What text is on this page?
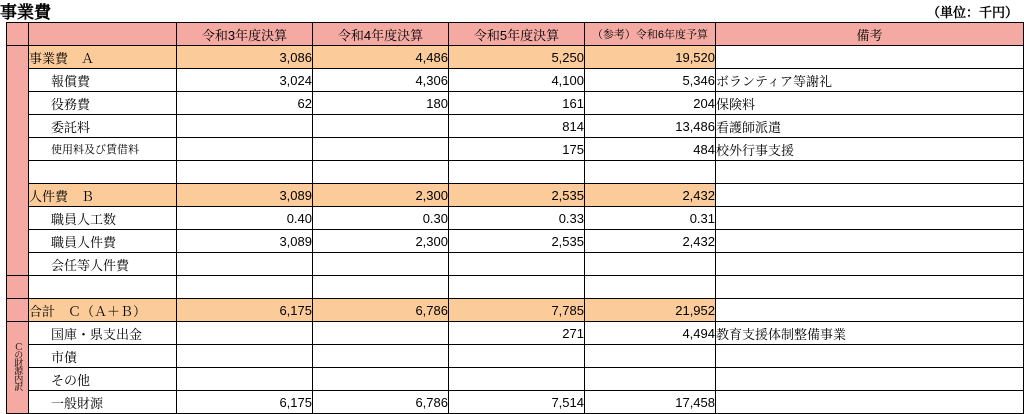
事業費	（単位：千円）
		令和3年度決算	令和4年度決算	令和5年度決算	（参考）令和6年度予算	備考
	事業費　Ａ	3,086	4,486	5,250	19,520	
	報償費	3,024	4,306	4,100	5,346	ボランティア等謝礼
	役務費	62	180	161	204	保険料
	委託料			814	13,486	看護師派遣
	使用料及び賃借料			175	484	校外行事支援

	人件費　Ｂ	3,089	2,300	2,535	2,432	
	職員人工数	0.40	0.30	0.33	0.31	
	職員人件費	3,089	2,300	2,535	2,432	
	会任等人件費					

	合計　Ｃ（Ａ＋Ｂ）	6,175	6,786	7,785	21,952	
Ｃの財源内訳	国庫・県支出金			271	4,494	教育支援体制整備事業
	市債					
	その他					
	一般財源	6,175	6,786	7,514	17,458	
